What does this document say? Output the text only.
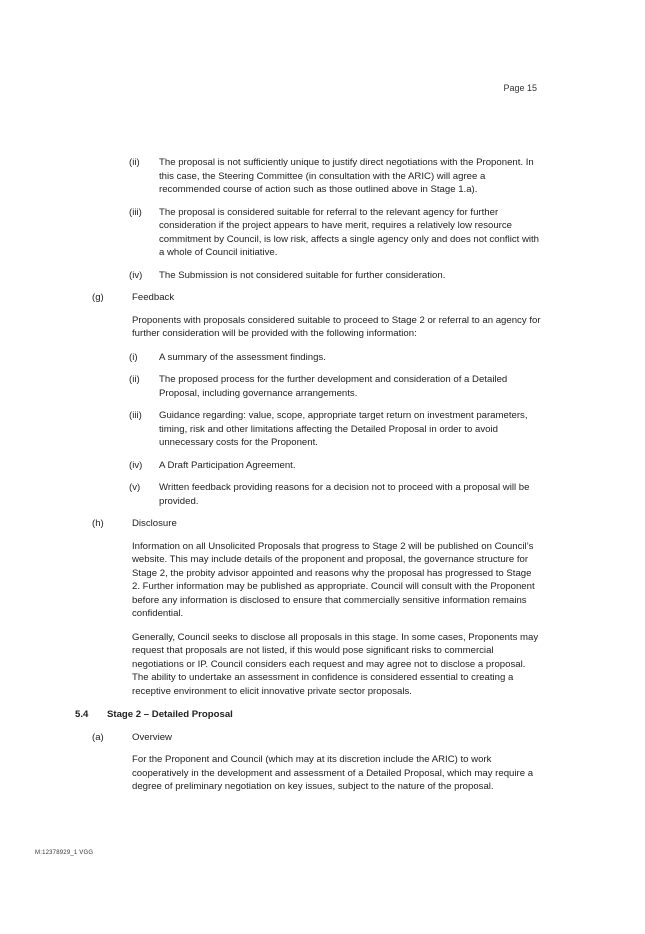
Page 15
(ii) The proposal is not sufficiently unique to justify direct negotiations with the Proponent. In this case, the Steering Committee (in consultation with the ARIC) will agree a recommended course of action such as those outlined above in Stage 1.a).
(iii) The proposal is considered suitable for referral to the relevant agency for further consideration if the project appears to have merit, requires a relatively low resource commitment by Council, is low risk, affects a single agency only and does not conflict with a whole of Council initiative.
(iv) The Submission is not considered suitable for further consideration.
(g)	Feedback
Proponents with proposals considered suitable to proceed to Stage 2 or referral to an agency for further consideration will be provided with the following information:
(i) A summary of the assessment findings.
(ii) The proposed process for the further development and consideration of a Detailed Proposal, including governance arrangements.
(iii) Guidance regarding: value, scope, appropriate target return on investment parameters, timing, risk and other limitations affecting the Detailed Proposal in order to avoid unnecessary costs for the Proponent.
(iv) A Draft Participation Agreement.
(v) Written feedback providing reasons for a decision not to proceed with a proposal will be provided.
(h)	Disclosure
Information on all Unsolicited Proposals that progress to Stage 2 will be published on Council’s website. This may include details of the proponent and proposal, the governance structure for Stage 2, the probity advisor appointed and reasons why the proposal has progressed to Stage 2. Further information may be published as appropriate. Council will consult with the Proponent before any information is disclosed to ensure that commercially sensitive information remains confidential.
Generally, Council seeks to disclose all proposals in this stage. In some cases, Proponents may request that proposals are not listed, if this would pose significant risks to commercial negotiations or IP. Council considers each request and may agree not to disclose a proposal. The ability to undertake an assessment in confidence is considered essential to creating a receptive environment to elicit innovative private sector proposals.
5.4 Stage 2 – Detailed Proposal
(a)	Overview
For the Proponent and Council (which may at its discretion include the ARIC) to work cooperatively in the development and assessment of a Detailed Proposal, which may require a degree of preliminary negotiation on key issues, subject to the nature of the proposal.
M:12378929_1 VGG
